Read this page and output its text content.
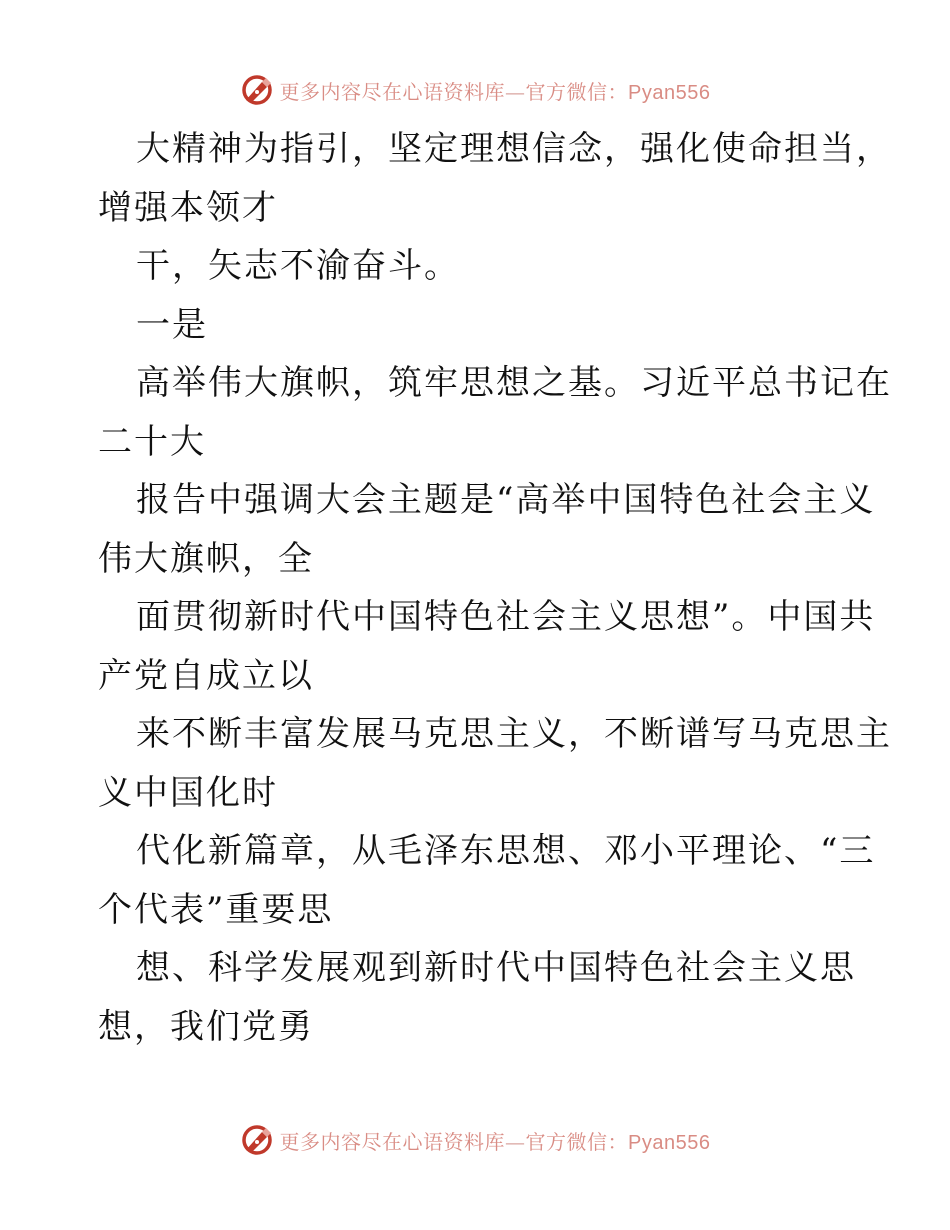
更多内容尽在心语资料库—官方微信：Pyan556
大精神为指引，坚定理想信念，强化使命担当，
增强本领才
干，矢志不渝奋斗。
一是
高举伟大旗帜，筑牢思想之基。习近平总书记在
二十大
报告中强调大会主题是“高举中国特色社会主义
伟大旗帜，全
面贯彻新时代中国特色社会主义思想”。中国共
产党自成立以
来不断丰富发展马克思主义，不断谱写马克思主
义中国化时
代化新篇章，从毛泽东思想、邓小平理论、“三
个代表”重要思
想、科学发展观到新时代中国特色社会主义思
想，我们党勇
更多内容尽在心语资料库—官方微信：Pyan556
